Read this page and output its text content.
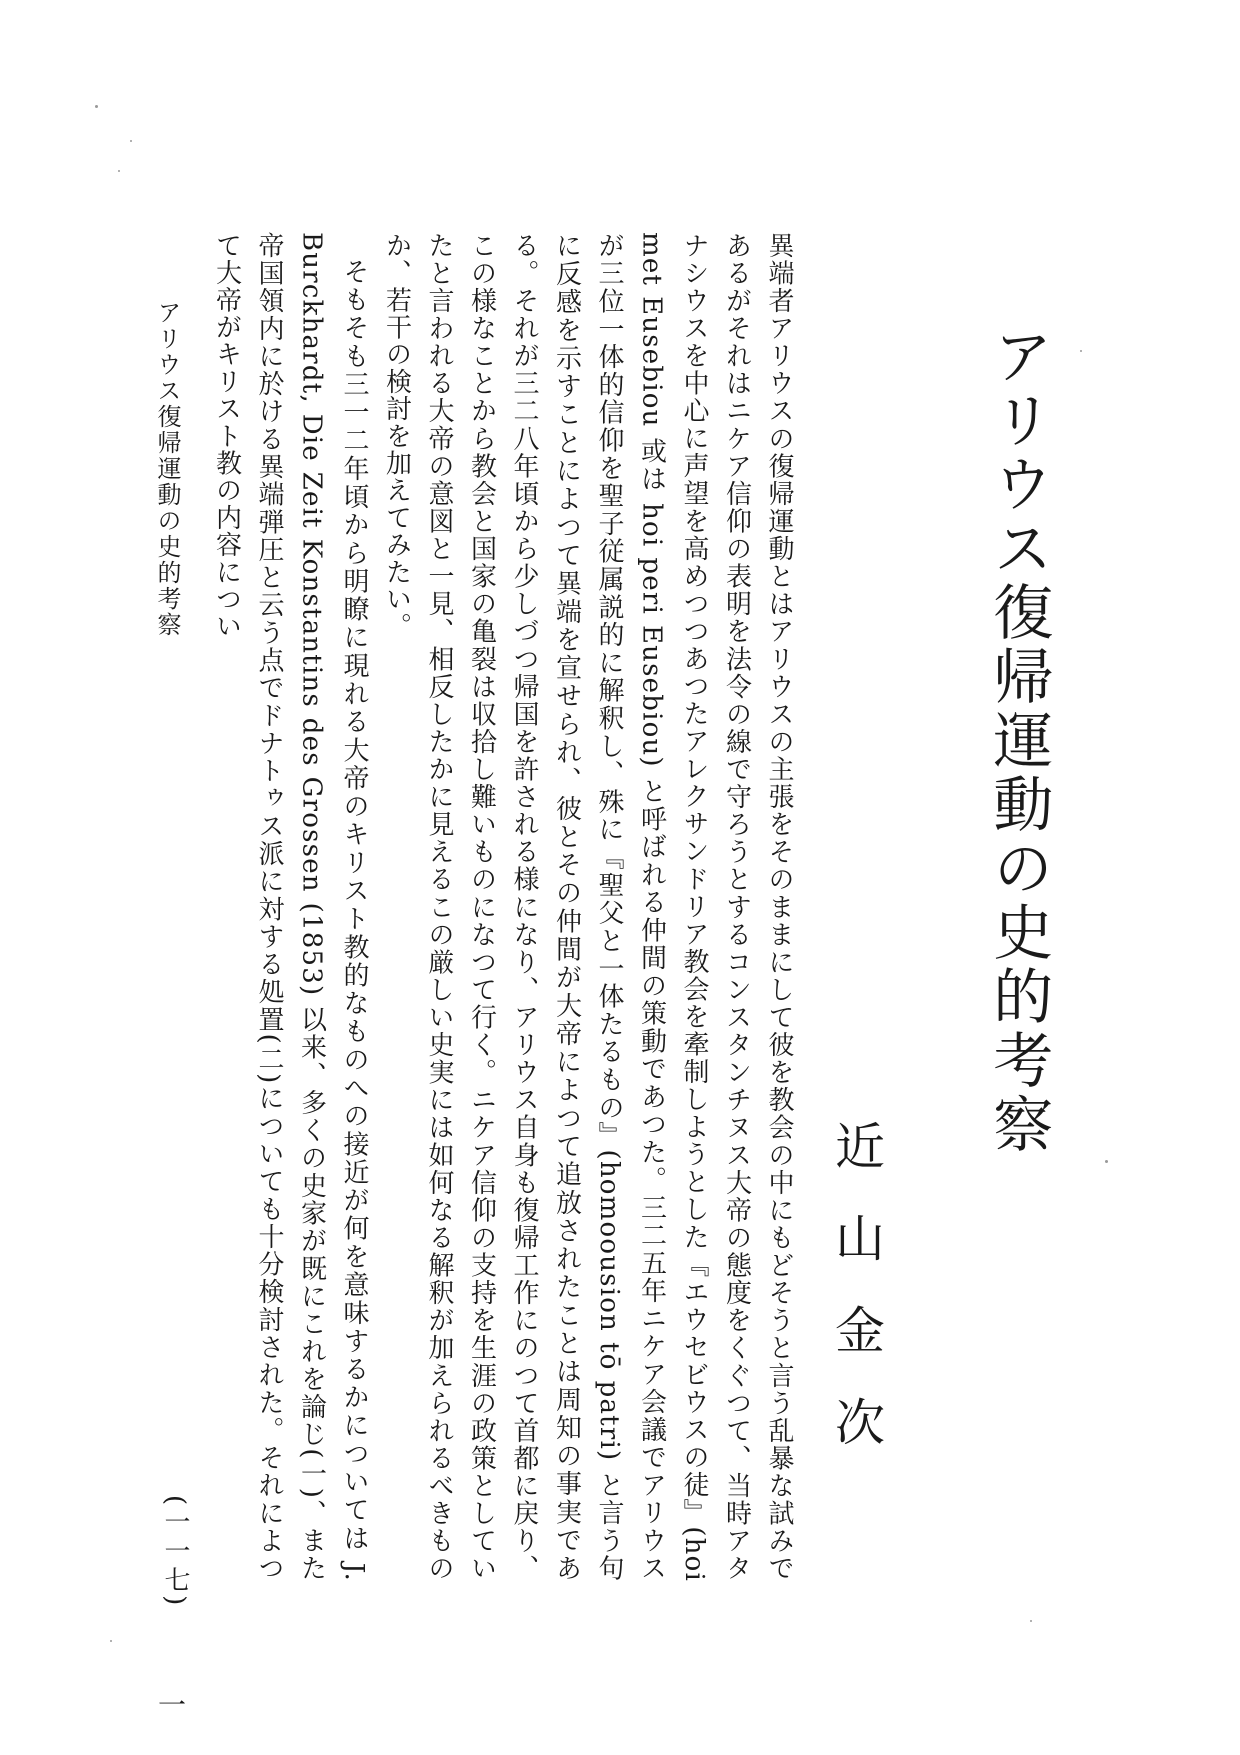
アリウス復帰運動の史的考察
近山金次

異端者アリウスの復帰運動とはアリウスの主張をそのままにして彼を教会の中にもどそうと言う乱暴な試みであるがそれはニケア信仰の表明を法令の線で守ろうとするコンスタンチヌス大帝の態度をくぐつて、当時アタナシウスを中心に声望を高めつつあつたアレクサンドリア教会を牽制しようとした『エウセビウスの徒』(hoi met Eusebiou 或は hoi peri Eusebiou) と呼ばれる仲間の策動であつた。三二五年ニケア会議でアリウスが三位一体的信仰を聖子従属説的に解釈し、殊に『聖父と一体たるもの』(homoousion tō patri) と言う句に反感を示すことによつて異端を宣せられ、彼とその仲間が大帝によつて追放されたことは周知の事実である。それが三二八年頃から少しづつ帰国を許される様になり、アリウス自身も復帰工作にのつて首都に戻り、この様なことから教会と国家の亀裂は収拾し難いものになつて行く。ニケア信仰の支持を生涯の政策としていたと言われる大帝の意図と一見、相反したかに見えるこの厳しい史実には如何なる解釈が加えられるべきものか、若干の検討を加えてみたい。

そもそも三一二年頃から明瞭に現れる大帝のキリスト教的なものへの接近が何を意味するかについては J. Burckhardt, Die Zeit Konstantins des Grossen (1853) 以来、多くの史家が既にこれを論じ(一)、また帝国領内に於ける異端弾圧と云う点でドナトゥス派に対する処置(二)についても十分検討された。それによつて大帝がキリスト教の内容につい

アリウス復帰運動の史的考察
(一一七)
一
